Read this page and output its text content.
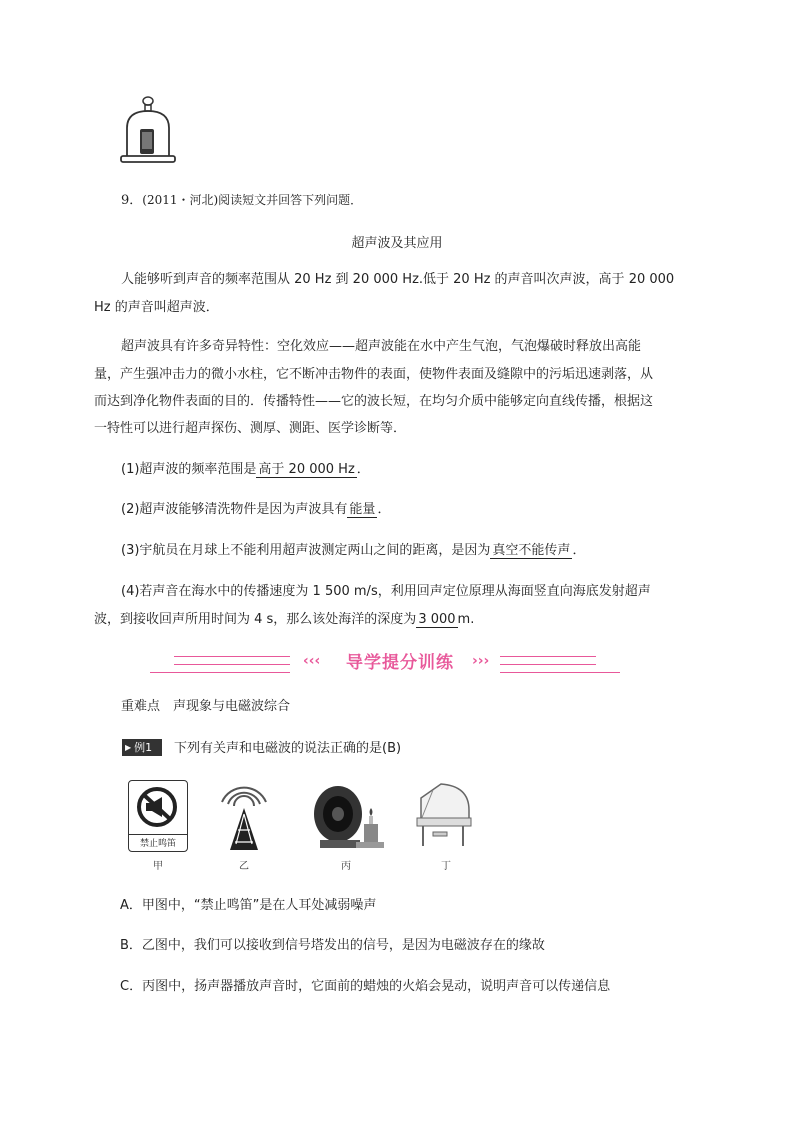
9．(2011・河北)阅读短文并回答下列问题．
超声波及其应用
人能够听到声音的频率范围从 20 Hz 到 20 000 Hz.低于 20 Hz 的声音叫次声波，高于 20 000
Hz 的声音叫超声波．
超声波具有许多奇异特性：空化效应——超声波能在水中产生气泡，气泡爆破时释放出高能
量，产生强冲击力的微小水柱，它不断冲击物件的表面，使物件表面及缝隙中的污垢迅速剥落，从
而达到净化物件表面的目的．传播特性——它的波长短，在均匀介质中能够定向直线传播，根据这
一特性可以进行超声探伤、测厚、测距、医学诊断等．
(1)超声波的频率范围是 高于 20 000 Hz ．
(2)超声波能够清洗物件是因为声波具有 能量 ．
(3)宇航员在月球上不能利用超声波测定两山之间的距离，是因为 真空不能传声 ．
(4)若声音在海水中的传播速度为 1 500 m/s，利用回声定位原理从海面竖直向海底发射超声
波，到接收回声所用时间为 4 s，那么该处海洋的深度为 3 000 m.
‹‹‹	导学提分训练	›››
重难点　声现象与电磁波综合
▶ 例1 下列有关声和电磁波的说法正确的是(B)
禁止鸣笛
甲	乙	丙	丁
A．甲图中，“禁止鸣笛”是在人耳处减弱噪声
B．乙图中，我们可以接收到信号塔发出的信号，是因为电磁波存在的缘故
C．丙图中，扬声器播放声音时，它面前的蜡烛的火焰会晃动，说明声音可以传递信息
